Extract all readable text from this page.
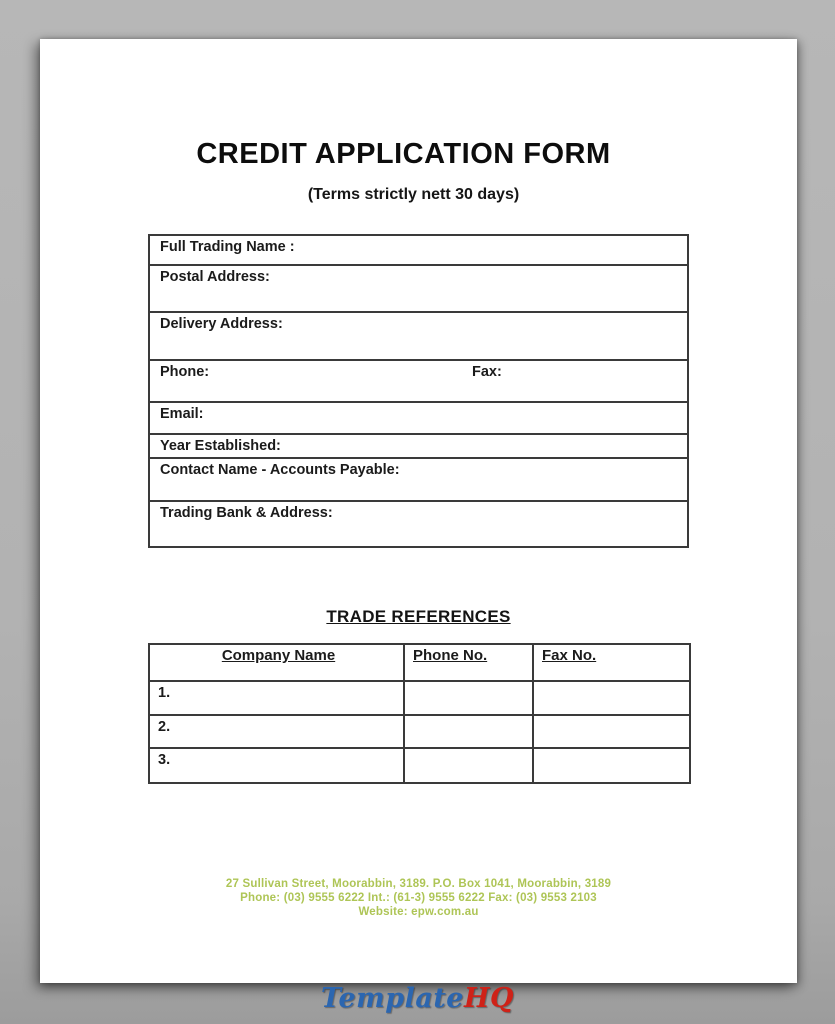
CREDIT APPLICATION FORM
(Terms strictly nett 30 days)
Full Trading Name :
Postal Address:
Delivery Address:
Phone:	Fax:
Email:
Year Established:
Contact Name - Accounts Payable:
Trading Bank & Address:
TRADE REFERENCES
Company Name	Phone No.	Fax No.
1.		
2.		
3.		

27 Sullivan Street, Moorabbin, 3189. P.O. Box 1041, Moorabbin, 3189

Phone: (03) 9555 6222 Int.: (61-3) 9555 6222 Fax: (03) 9553 2103

Website: epw.com.au

TemplateHQ
